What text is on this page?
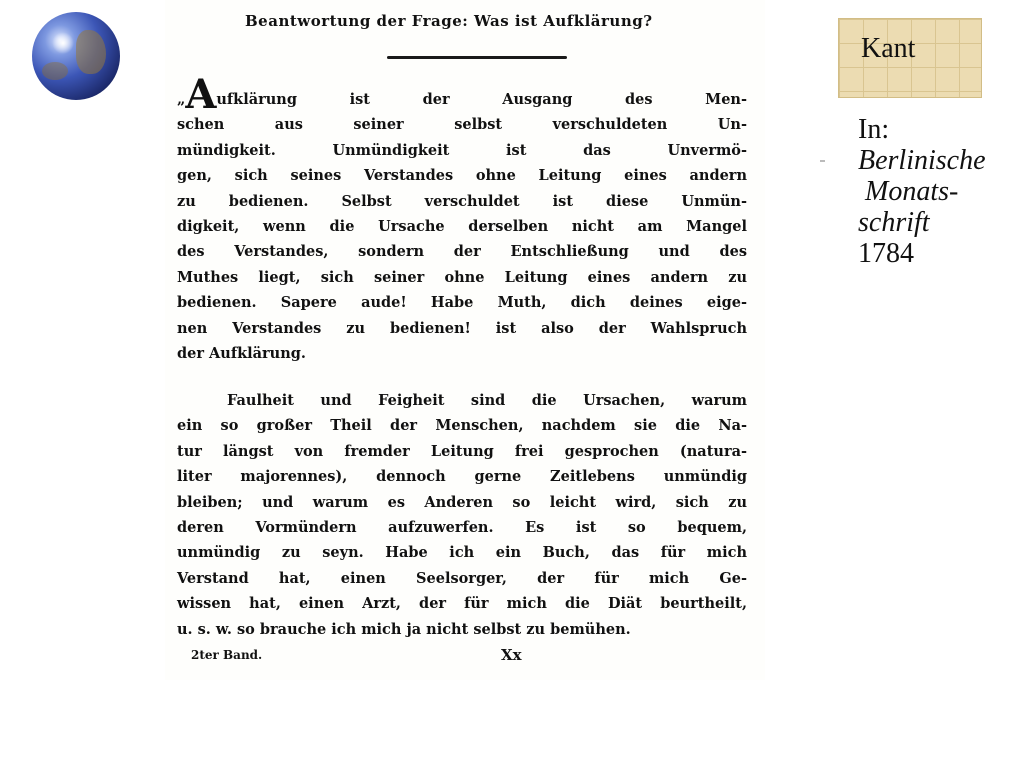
Beantwortung der Frage: Was ist Aufklärung?
„Aufklärung ist der Ausgang des Men-
schen aus seiner selbst verschuldeten Un-
mündigkeit. Unmündigkeit ist das Unvermö-
gen, sich seines Verstandes ohne Leitung eines andern
zu bedienen. Selbst verschuldet ist diese Unmün-
digkeit, wenn die Ursache derselben nicht am Mangel
des Verstandes, sondern der Entschließung und des
Muthes liegt, sich seiner ohne Leitung eines andern zu
bedienen. Sapere aude! Habe Muth, dich deines eige-
nen Verstandes zu bedienen! ist also der Wahlspruch
der Aufklärung.
Faulheit und Feigheit sind die Ursachen, warum
ein so großer Theil der Menschen, nachdem sie die Na-
tur längst von fremder Leitung frei gesprochen (natura-
liter majorennes), dennoch gerne Zeitlebens unmündig
bleiben; und warum es Anderen so leicht wird, sich zu
deren Vormündern aufzuwerfen. Es ist so bequem,
unmündig zu seyn. Habe ich ein Buch, das für mich
Verstand hat, einen Seelsorger, der für mich Ge-
wissen hat, einen Arzt, der für mich die Diät beurtheilt,
u. s. w. so brauche ich mich ja nicht selbst zu bemühen.
2ter Band.	Xx
Kant
In:
Berlinische
Monats-
schrift
1784
